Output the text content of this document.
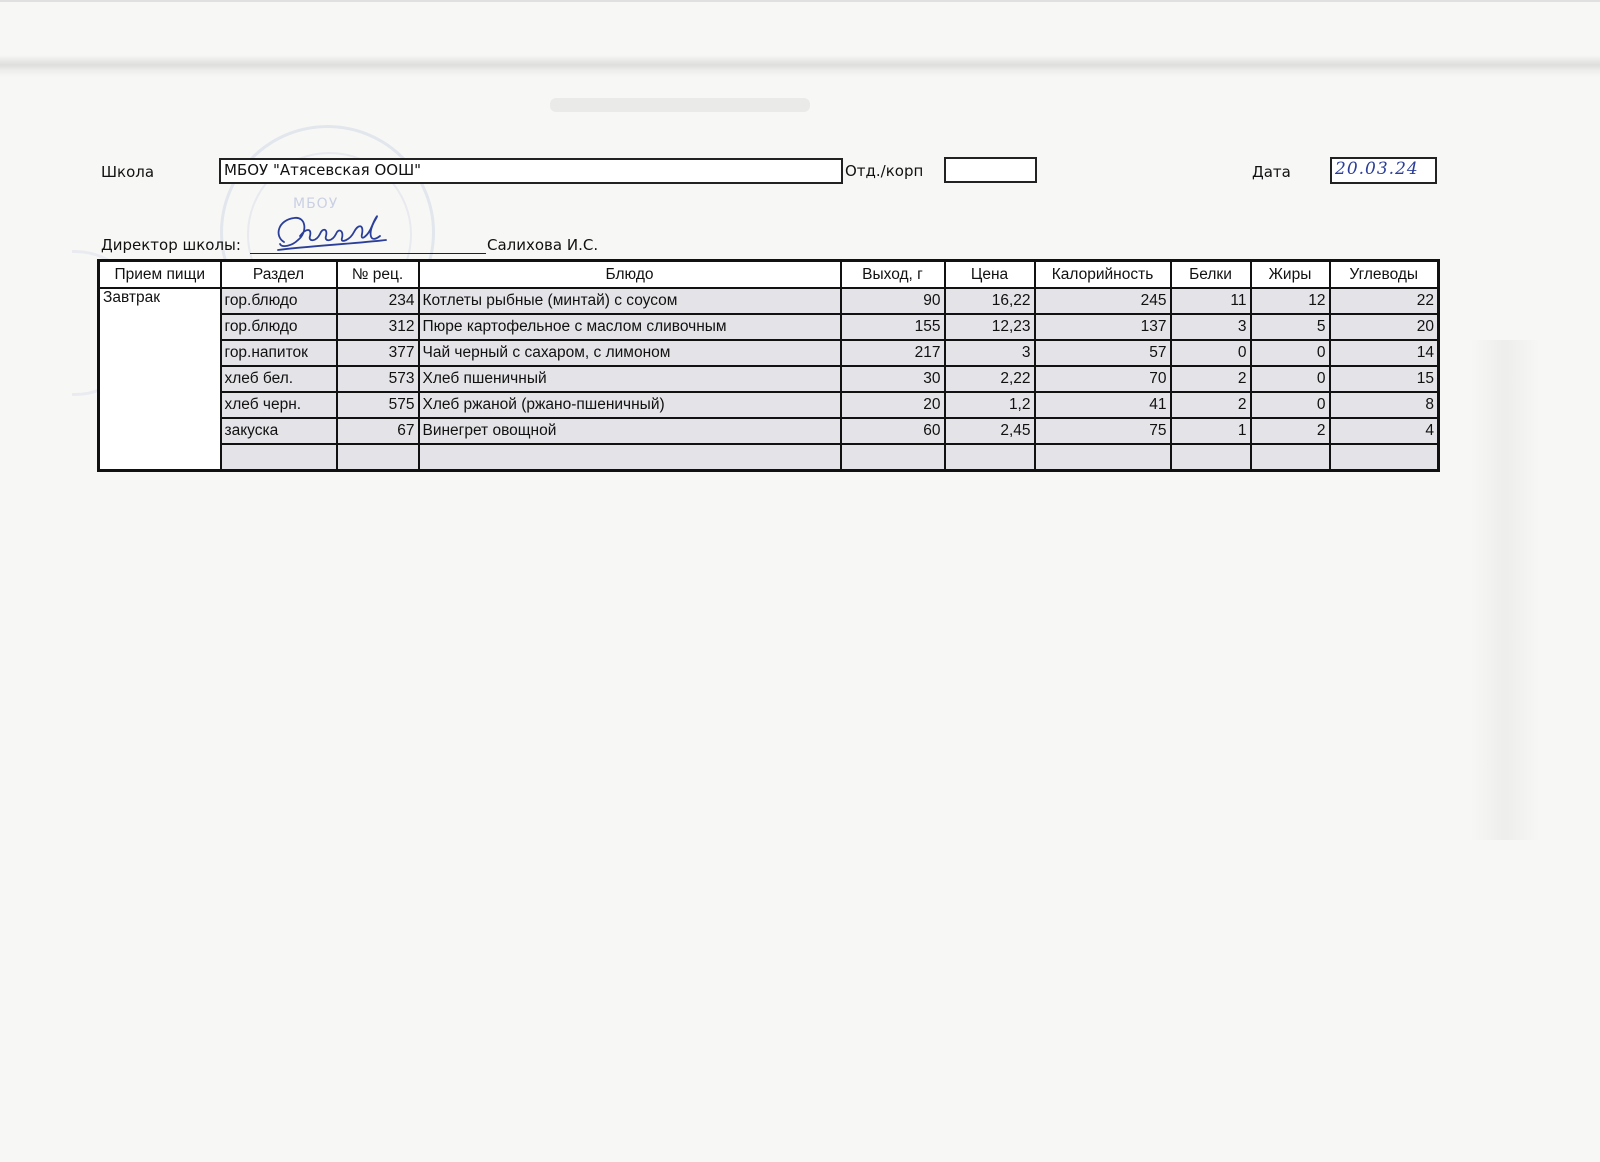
МБОУ
Школа	МБОУ "Атясевская ООШ"	Отд./корп	Дата	20.03.24
Директор школы:	Салихова И.С.
Прием пищи	Раздел	№ рец.	Блюдо	Выход, г	Цена	Калорийность	Белки	Жиры	Углеводы
Завтрак	гор.блюдо	234	Котлеты рыбные (минтай) с соусом	90	16,22	245	11	12	22
	гор.блюдо	312	Пюре картофельное с маслом сливочным	155	12,23	137	3	5	20
	гор.напиток	377	Чай черный с сахаром, с лимоном	217	3	57	0	0	14
	хлеб бел.	573	Хлеб пшеничный	30	2,22	70	2	0	15
	хлеб черн.	575	Хлеб ржаной (ржано-пшеничный)	20	1,2	41	2	0	8
	закуска	67	Винегрет овощной	60	2,45	75	1	2	4
